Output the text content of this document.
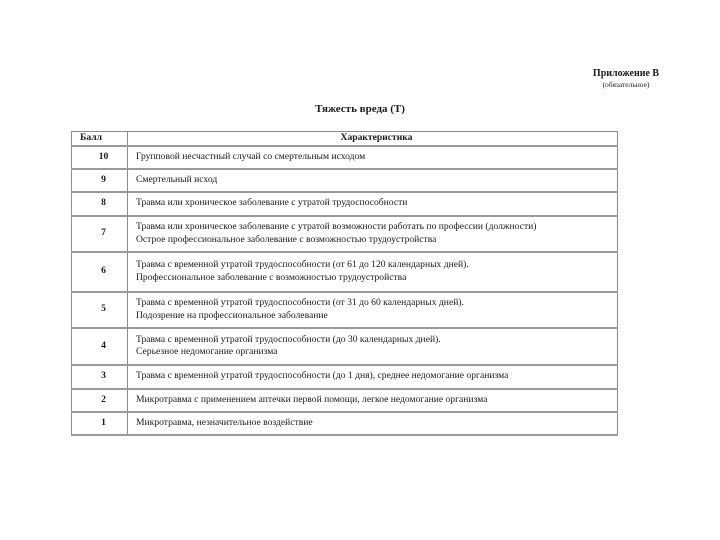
Приложение В
(обязательное)
Тяжесть вреда (Т)
Балл	Характеристика
10	Групповой несчастный случай со смертельным исходом

9	Смертельный исход

8	Травма или хроническое заболевание с утратой трудоспособности

7	Травма или хроническое заболевание с утратой возможности работать по профессии (должности)
Острое профессиональное заболевание с возможностью трудоустройства

6	Травма с временной утратой трудоспособности (от 61 до 120 календарных дней).
Профессиональное заболевание с возможностью трудоустройства

5	Травма с временной утратой трудоспособности (от 31 до 60 календарных дней).
Подозрение на профессиональное заболевание

4	Травма с временной утратой трудоспособности (до 30 календарных дней).
Серьезное недомогание организма

3	Травма с временной утратой трудоспособности (до 1 дня), среднее недомогание организма

2	Микротравма с применением аптечки первой помощи, легкое недомогание организма

1	Микротравма, незначительное воздействие
